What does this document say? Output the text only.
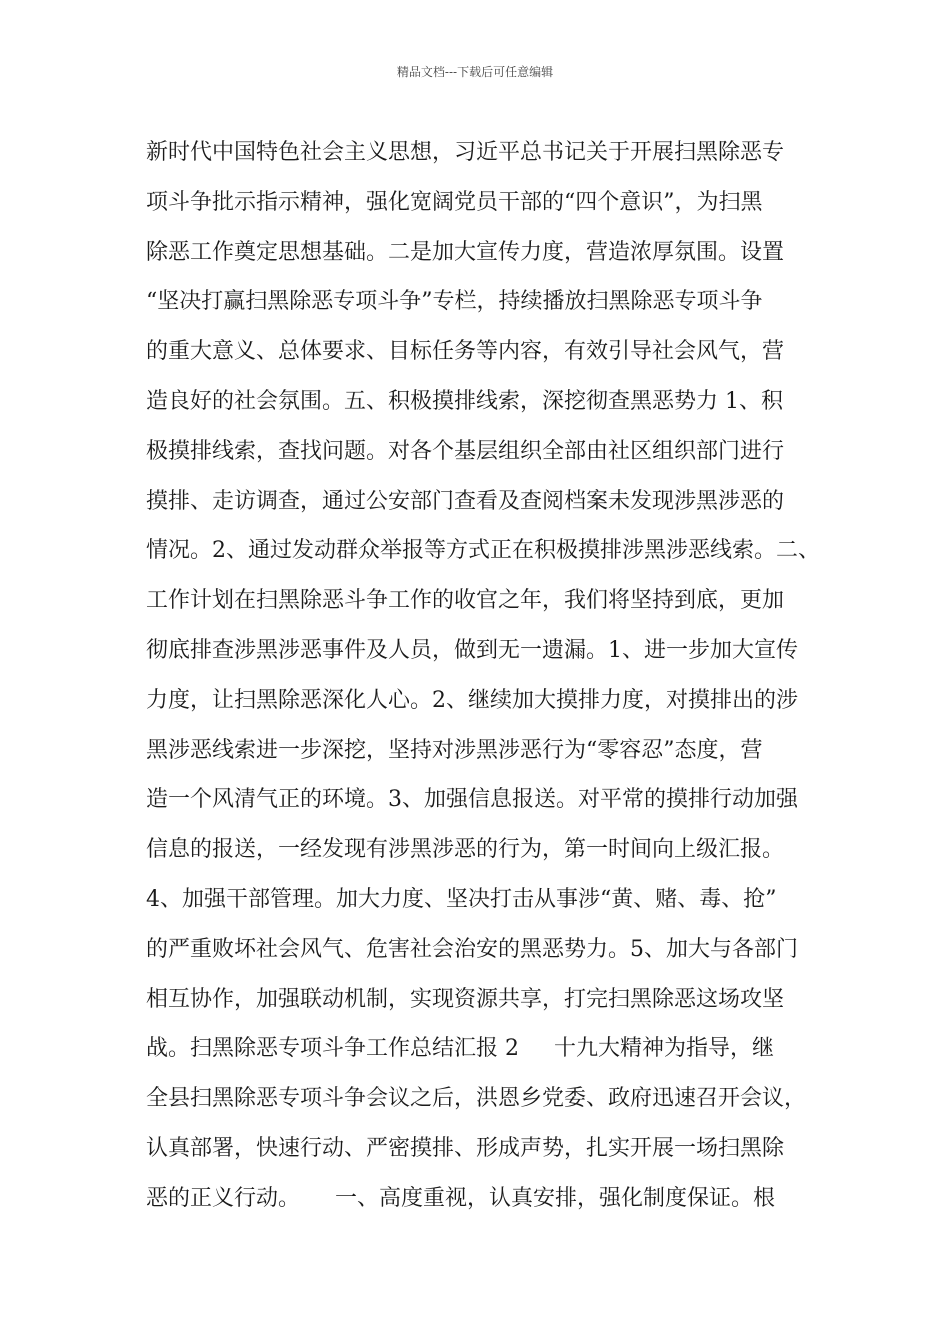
精品文档---下载后可任意编辑
新时代中国特色社会主义思想，习近平总书记关于开展扫黑除恶专
项斗争批示指示精神，强化宽阔党员干部的“四个意识”，为扫黑
除恶工作奠定思想基础。二是加大宣传力度，营造浓厚氛围。设置
“坚决打赢扫黑除恶专项斗争”专栏，持续播放扫黑除恶专项斗争
的重大意义、总体要求、目标任务等内容，有效引导社会风气，营
造良好的社会氛围。五、积极摸排线索，深挖彻查黑恶势力 1、积
极摸排线索，查找问题。对各个基层组织全部由社区组织部门进行
摸排、走访调查，通过公安部门查看及查阅档案未发现涉黑涉恶的
情况。2、通过发动群众举报等方式正在积极摸排涉黑涉恶线索。二、
工作计划在扫黑除恶斗争工作的收官之年，我们将坚持到底，更加
彻底排查涉黑涉恶事件及人员，做到无一遗漏。1、进一步加大宣传
力度，让扫黑除恶深化人心。2、继续加大摸排力度，对摸排出的涉
黑涉恶线索进一步深挖，坚持对涉黑涉恶行为“零容忍”态度，营
造一个风清气正的环境。3、加强信息报送。对平常的摸排行动加强
信息的报送，一经发现有涉黑涉恶的行为，第一时间向上级汇报。
4、加强干部管理。加大力度、坚决打击从事涉“黄、赌、毒、抢”
的严重败坏社会风气、危害社会治安的黑恶势力。5、加大与各部门
相互协作，加强联动机制，实现资源共享，打完扫黑除恶这场攻坚
战。扫黑除恶专项斗争工作总结汇报 2     十九大精神为指导，继
全县扫黑除恶专项斗争会议之后，洪恩乡党委、政府迅速召开会议，
认真部署，快速行动、严密摸排、形成声势，扎实开展一场扫黑除
恶的正义行动。     一、高度重视，认真安排，强化制度保证。根
